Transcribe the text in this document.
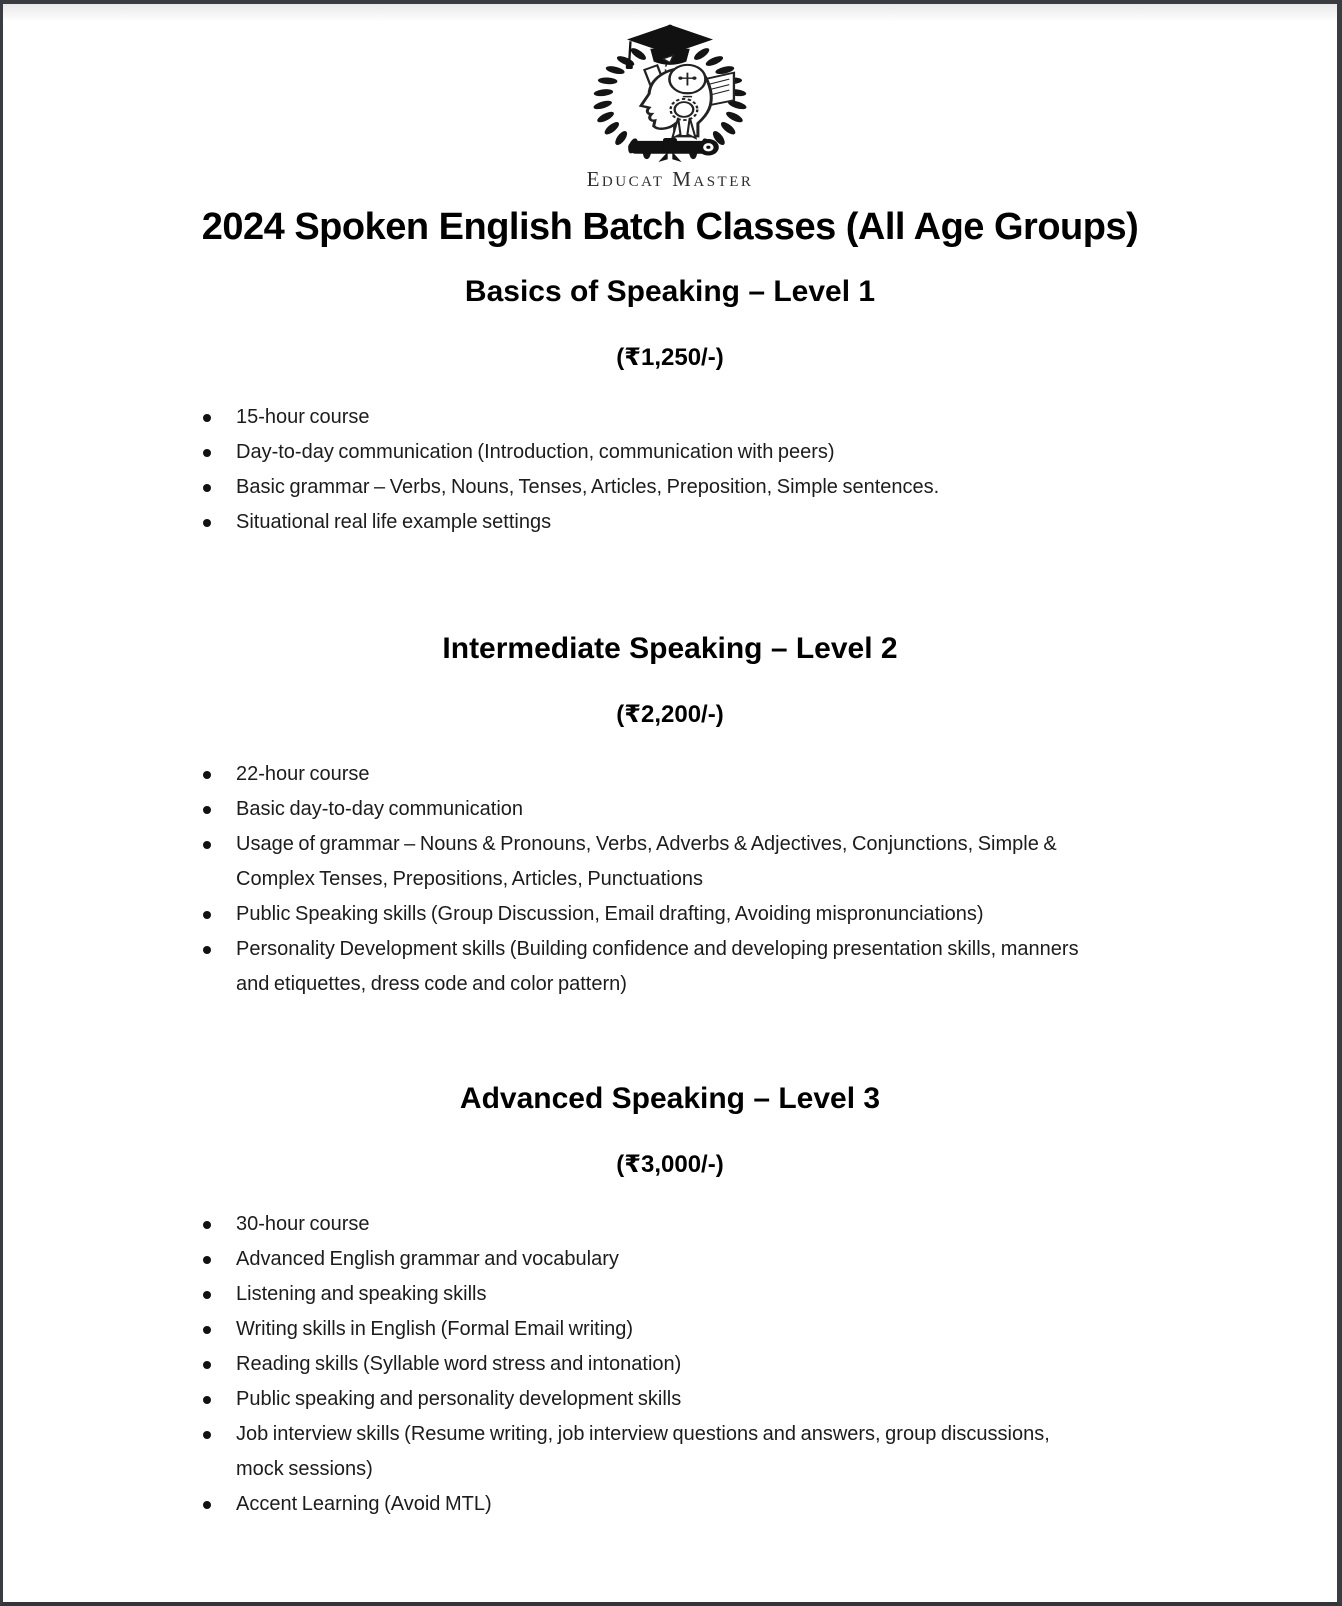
Educat Master
2024 Spoken English Batch Classes (All Age Groups)
Basics of Speaking – Level 1
(₹1,250/-)
15-hour course
Day-to-day communication (Introduction, communication with peers)
Basic grammar – Verbs, Nouns, Tenses, Articles, Preposition, Simple sentences.
Situational real life example settings
Intermediate Speaking – Level 2
(₹2,200/-)
22-hour course
Basic day-to-day communication
Usage of grammar – Nouns & Pronouns, Verbs, Adverbs & Adjectives, Conjunctions, Simple & Complex Tenses, Prepositions, Articles, Punctuations
Public Speaking skills (Group Discussion, Email drafting, Avoiding mispronunciations)
Personality Development skills (Building confidence and developing presentation skills, manners and etiquettes, dress code and color pattern)
Advanced Speaking – Level 3
(₹3,000/-)
30-hour course
Advanced English grammar and vocabulary
Listening and speaking skills
Writing skills in English (Formal Email writing)
Reading skills (Syllable word stress and intonation)
Public speaking and personality development skills
Job interview skills (Resume writing, job interview questions and answers, group discussions, mock sessions)
Accent Learning (Avoid MTL)
